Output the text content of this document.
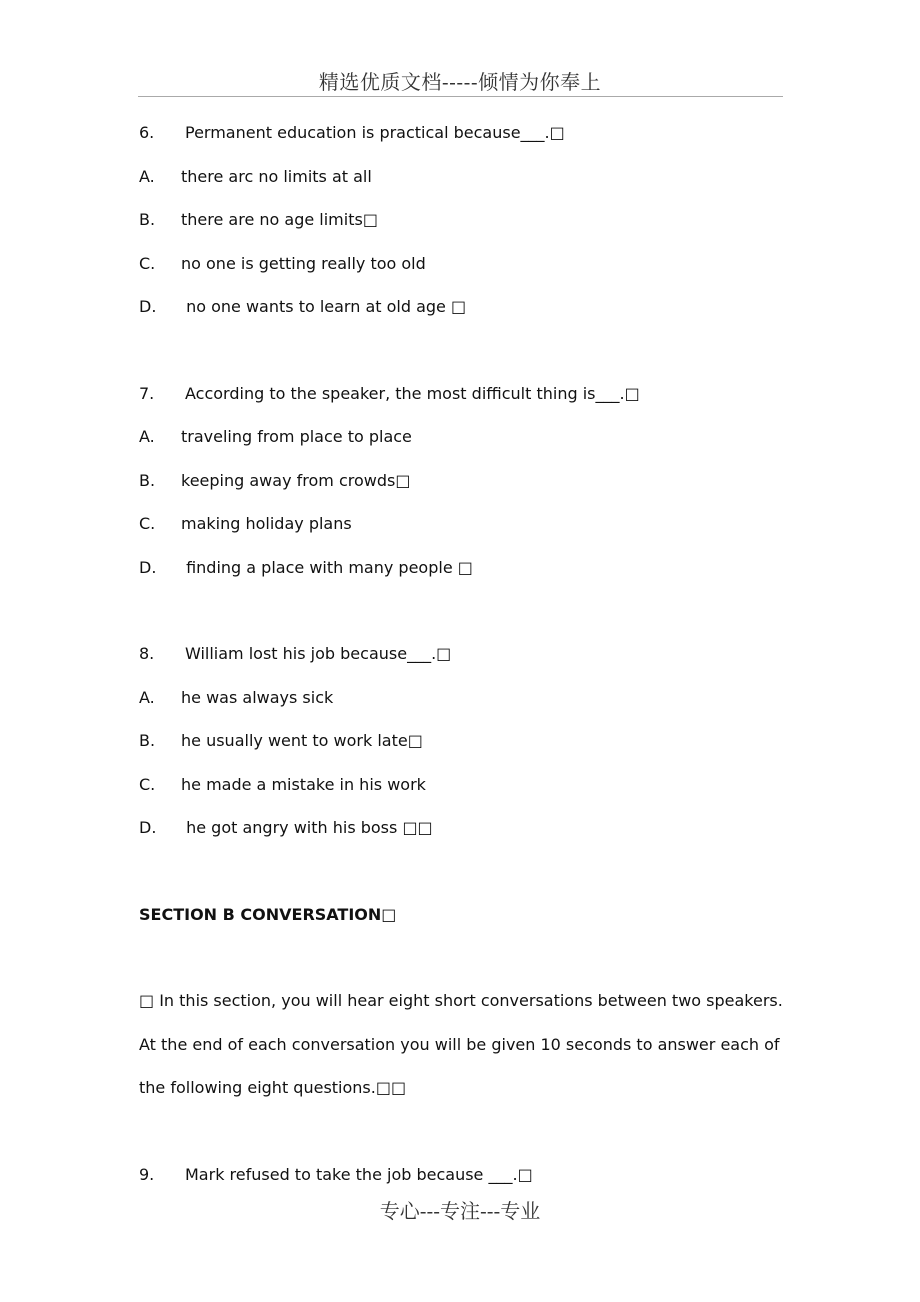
精选优质文档-----倾情为你奉上
6. Permanent education is practical because___.□
A. there arc no limits at all
B. there are no age limits□
C. no one is getting really too old
D. no one wants to learn at old age □
7. According to the speaker, the most difficult thing is___.□
A. traveling from place to place
B. keeping away from crowds□
C. making holiday plans
D. finding a place with many people □
8. William lost his job because___.□
A. he was always sick
B. he usually went to work late□
C. he made a mistake in his work
D. he got angry with his boss □□
SECTION B CONVERSATION□
□ In this section, you will hear eight short conversations between two speakers. At the end of each conversation you will be given 10 seconds to answer each of the following eight questions.□□
9. Mark refused to take the job because ___.□
专心---专注---专业
